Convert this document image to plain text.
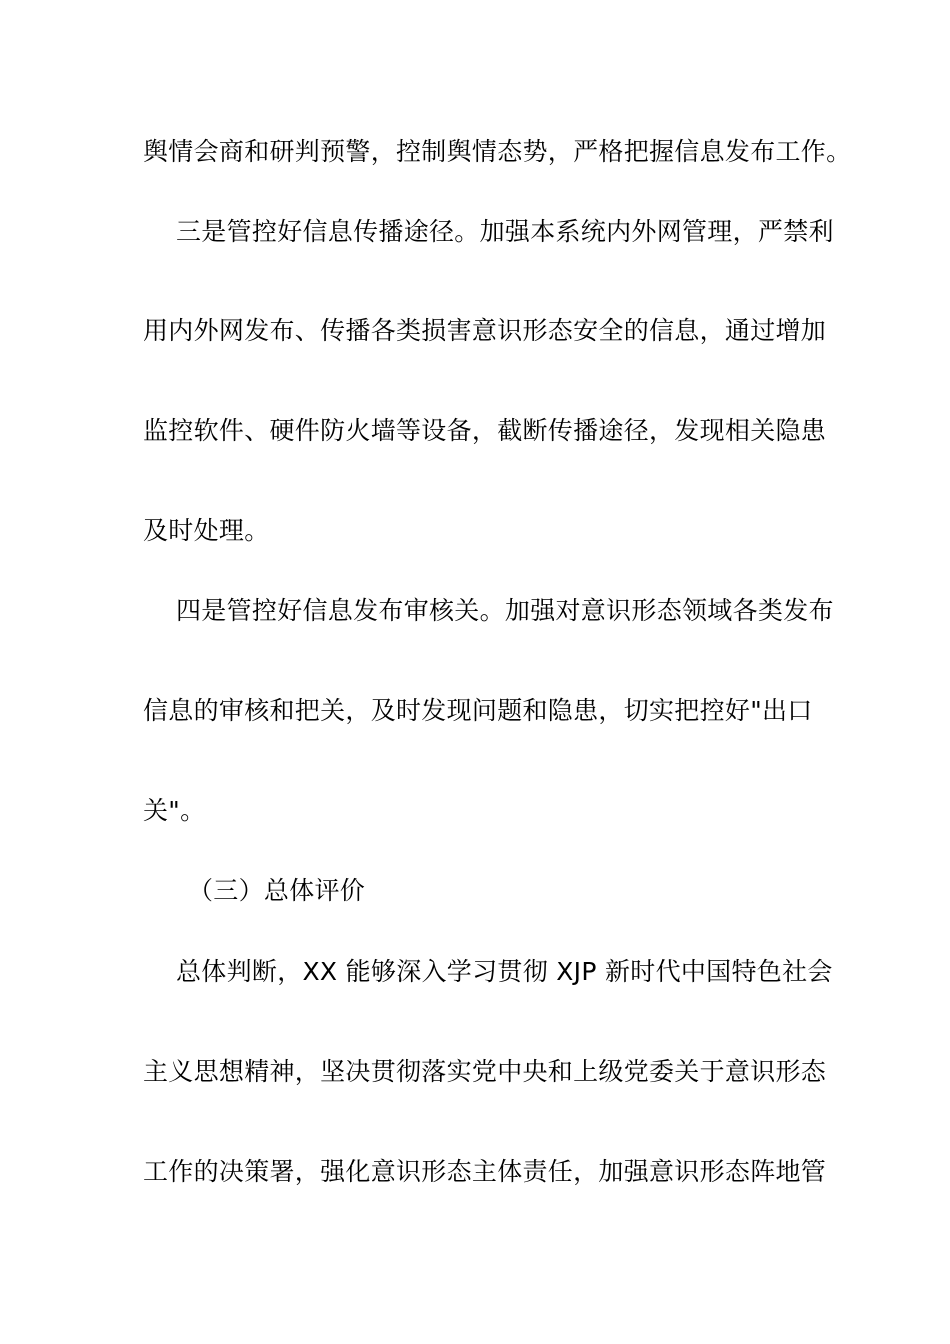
舆情会商和研判预警，控制舆情态势，严格把握信息发布工作。
三是管控好信息传播途径。加强本系统内外网管理，严禁利
用内外网发布、传播各类损害意识形态安全的信息，通过增加
监控软件、硬件防火墙等设备，截断传播途径，发现相关隐患
及时处理。
四是管控好信息发布审核关。加强对意识形态领域各类发布
信息的审核和把关，及时发现问题和隐患，切实把控好"出口
关"。
（三）总体评价
总体判断，XX 能够深入学习贯彻 XJP 新时代中国特色社会
主义思想精神，坚决贯彻落实党中央和上级党委关于意识形态
工作的决策署，强化意识形态主体责任，加强意识形态阵地管
